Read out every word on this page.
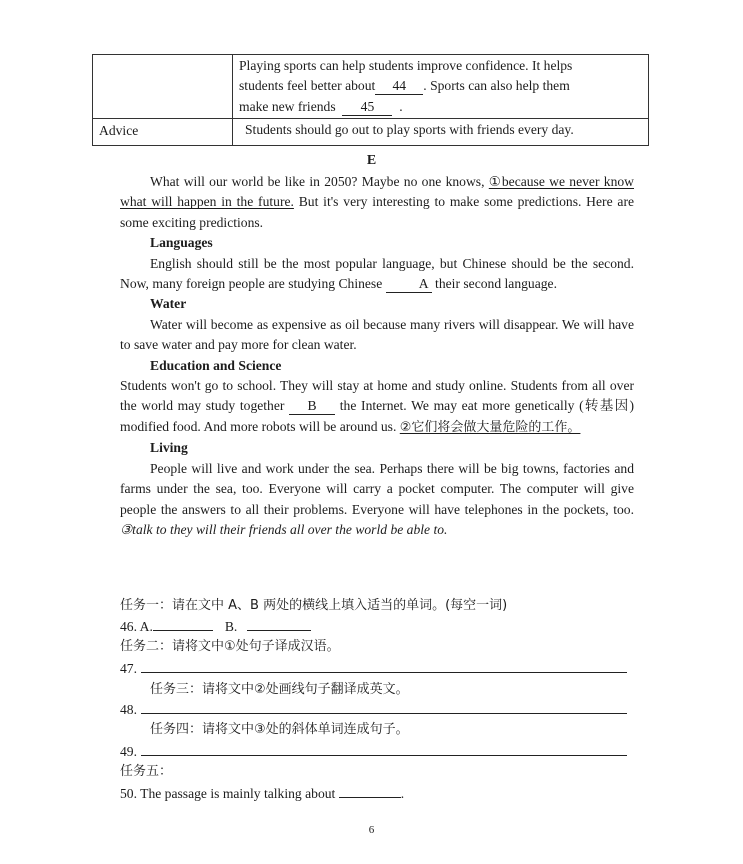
	Playing sports can help students improve confidence. It helps
students feel better about 44 . Sports can also help them
make new friends 45 .

Advice	Students should go out to play sports with friends every day.
E

What will our world be like in 2050? Maybe no one knows, ①because we never know what will happen in the future. But it's very interesting to make some predictions. Here are some exciting predictions.

Languages

English should still be the most popular language, but Chinese should be the second. Now, many foreign people are studying Chinese A their second language.

Water

Water will become as expensive as oil because many rivers will disappear. We will have to save water and pay more for clean water.

Education and Science

Students won't go to school. They will stay at home and study online. Students from all over the world may study together B the Internet. We may eat more genetically (转基因) modified food. And more robots will be around us. ②它们将会做大量危险的工作。

Living

People will live and work under the sea. Perhaps there will be big towns, factories and farms under the sea, too. Everyone will carry a pocket computer. The computer will give people the answers to all their problems. Everyone will have telephones in the pockets, too. ③talk to they will their friends all over the world be able to.

任务一：请在文中 A、B 两处的横线上填入适当的单词。(每空一词)
46. A.	B.
任务二：请将文中①处句子译成汉语。
47.
任务三：请将文中②处画线句子翻译成英文。
48.
任务四：请将文中③处的斜体单词连成句子。
49.
任务五：
50. The passage is mainly talking about	.
6
